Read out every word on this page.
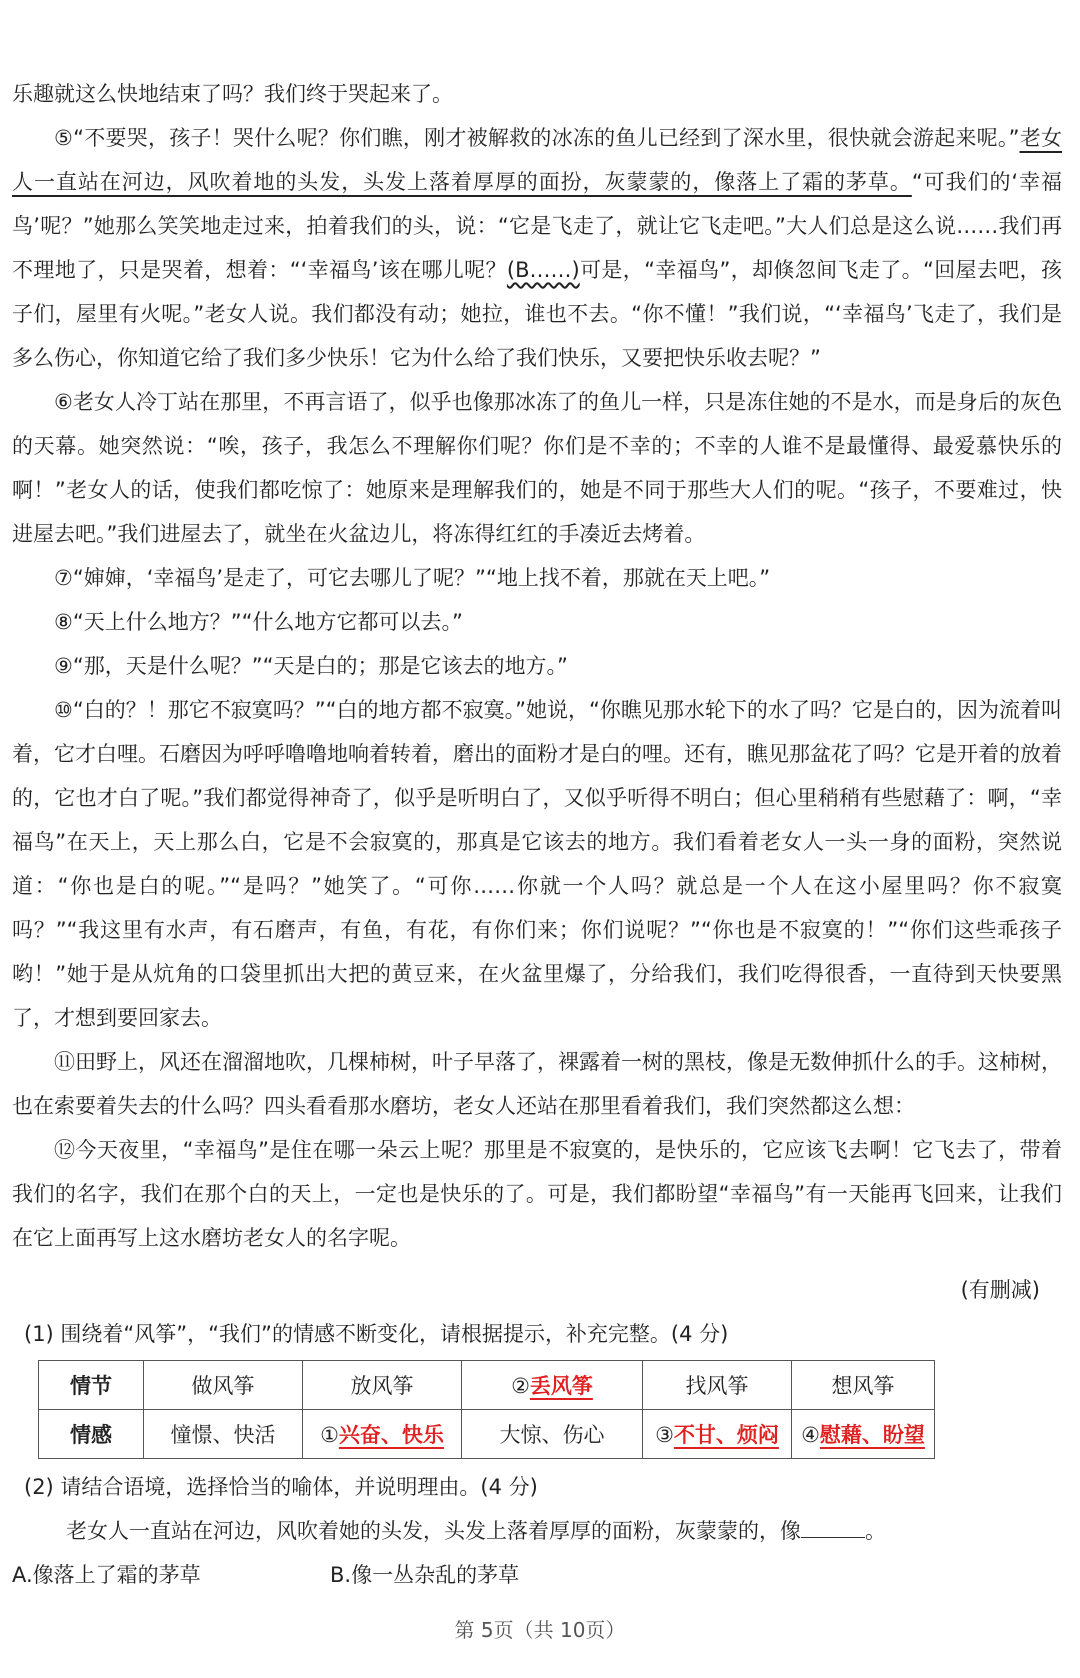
乐趣就这么快地结束了吗？我们终于哭起来了。

⑤“不要哭，孩子！哭什么呢？你们瞧，刚才被解救的冰冻的鱼儿已经到了深水里，很快就会游起来呢。”老女人一直站在河边，风吹着地的头发，头发上落着厚厚的面扮，灰蒙蒙的，像落上了霜的茅草。“可我们的‘幸福鸟’呢？”她那么笑笑地走过来，拍着我们的头，说：“它是飞走了，就让它飞走吧。”大人们总是这么说……我们再不理地了，只是哭着，想着：“‘幸福鸟’该在哪儿呢？(B……)可是，“幸福鸟”，却倏忽间飞走了。“回屋去吧，孩子们，屋里有火呢。”老女人说。我们都没有动；她拉，谁也不去。“你不懂！”我们说，“‘幸福鸟’飞走了，我们是多么伤心，你知道它给了我们多少快乐！它为什么给了我们快乐，又要把快乐收去呢？”

⑥老女人冷丁站在那里，不再言语了，似乎也像那冰冻了的鱼儿一样，只是冻住她的不是水，而是身后的灰色的天幕。她突然说：“唉，孩子，我怎么不理解你们呢？你们是不幸的；不幸的人谁不是最懂得、最爱慕快乐的啊！”老女人的话，使我们都吃惊了：她原来是理解我们的，她是不同于那些大人们的呢。“孩子，不要难过，快进屋去吧。”我们进屋去了，就坐在火盆边儿，将冻得红红的手凑近去烤着。

⑦“婶婶，‘幸福鸟’是走了，可它去哪儿了呢？”“地上找不着，那就在天上吧。”

⑧“天上什么地方？”“什么地方它都可以去。”

⑨“那，天是什么呢？”“天是白的；那是它该去的地方。”

⑩“白的？！那它不寂寞吗？”“白的地方都不寂寞。”她说，“你瞧见那水轮下的水了吗？它是白的，因为流着叫着，它才白哩。石磨因为呼呼噜噜地响着转着，磨出的面粉才是白的哩。还有，瞧见那盆花了吗？它是开着的放着的，它也才白了呢。”我们都觉得神奇了，似乎是听明白了，又似乎听得不明白；但心里稍稍有些慰藉了：啊，“幸福鸟”在天上，天上那么白，它是不会寂寞的，那真是它该去的地方。我们看着老女人一头一身的面粉，突然说道：“你也是白的呢。”“是吗？”她笑了。“可你……你就一个人吗？就总是一个人在这小屋里吗？你不寂寞吗？”“我这里有水声，有石磨声，有鱼，有花，有你们来；你们说呢？”“你也是不寂寞的！”“你们这些乖孩子哟！”她于是从炕角的口袋里抓出大把的黄豆来，在火盆里爆了，分给我们，我们吃得很香，一直待到天快要黑了，才想到要回家去。

⑪田野上，风还在溜溜地吹，几棵柿树，叶子早落了，裸露着一树的黑枝，像是无数伸抓什么的手。这柿树，也在索要着失去的什么吗？四头看看那水磨坊，老女人还站在那里看着我们，我们突然都这么想：

⑫今天夜里，“幸福鸟”是住在哪一朵云上呢？那里是不寂寞的，是快乐的，它应该飞去啊！它飞去了，带着我们的名字，我们在那个白的天上，一定也是快乐的了。可是，我们都盼望“幸福鸟”有一天能再飞回来，让我们在它上面再写上这水磨坊老女人的名字呢。

(有删减)

(1) 围绕着“风筝”，“我们”的情感不断变化，请根据提示，补充完整。(4 分)

情节	做风筝	放风筝	②丢风筝	找风筝	想风筝
情感	憧憬、快活	①兴奋、快乐	大惊、伤心	③不甘、烦闷	④慰藉、盼望

(2) 请结合语境，选择恰当的喻体，并说明理由。(4 分)

老女人一直站在河边，风吹着她的头发，头发上落着厚厚的面粉，灰蒙蒙的，像	。

A.像落上了霜的茅草	B.像一丛杂乱的茅草
第 5页（共 10页）
